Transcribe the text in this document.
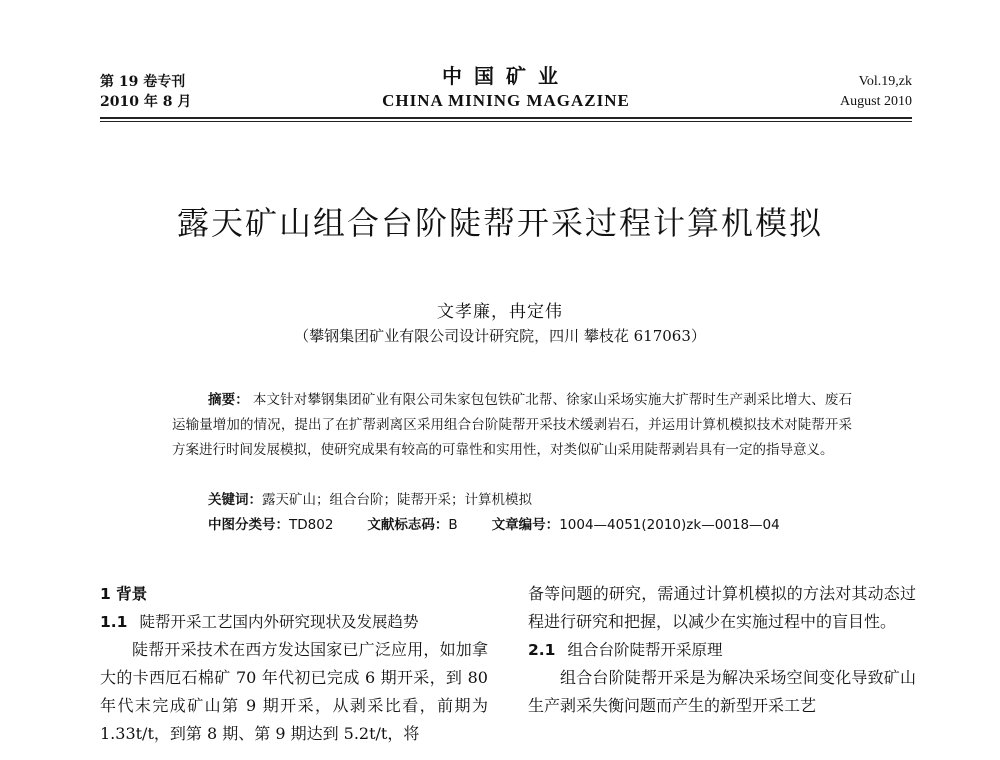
第 19 卷专刊
2010 年 8 月
中国矿业
CHINA MINING MAGAZINE
Vol.19,zk
August 2010
露天矿山组合台阶陡帮开采过程计算机模拟
文孝廉，冉定伟
（攀钢集团矿业有限公司设计研究院，四川 攀枝花 617063）
摘要： 本文针对攀钢集团矿业有限公司朱家包包铁矿北帮、徐家山采场实施大扩帮时生产剥采比增大、废石运输量增加的情况，提出了在扩帮剥离区采用组合台阶陡帮开采技术缓剥岩石，并运用计算机模拟技术对陡帮开采方案进行时间发展模拟，使研究成果有较高的可靠性和实用性，对类似矿山采用陡帮剥岩具有一定的指导意义。
关键词：露天矿山；组合台阶；陡帮开采；计算机模拟
中图分类号：TD802	文献标志码：B	文章编号：1004—4051(2010)zk—0018—04

1 背景

1.1 陡帮开采工艺国内外研究现状及发展趋势

陡帮开采技术在西方发达国家已广泛应用，如加拿大的卡西厄石棉矿 70 年代初已完成 6 期开采，到 80 年代末完成矿山第 9 期开采，从剥采比看，前期为 1.33t/t，到第 8 期、第 9 期达到 5.2t/t，将

备等问题的研究，需通过计算机模拟的方法对其动态过程进行研究和把握，以减少在实施过程中的盲目性。

2.1 组合台阶陡帮开采原理

组合台阶陡帮开采是为解决采场空间变化导致矿山生产剥采失衡问题而产生的新型开采工艺
